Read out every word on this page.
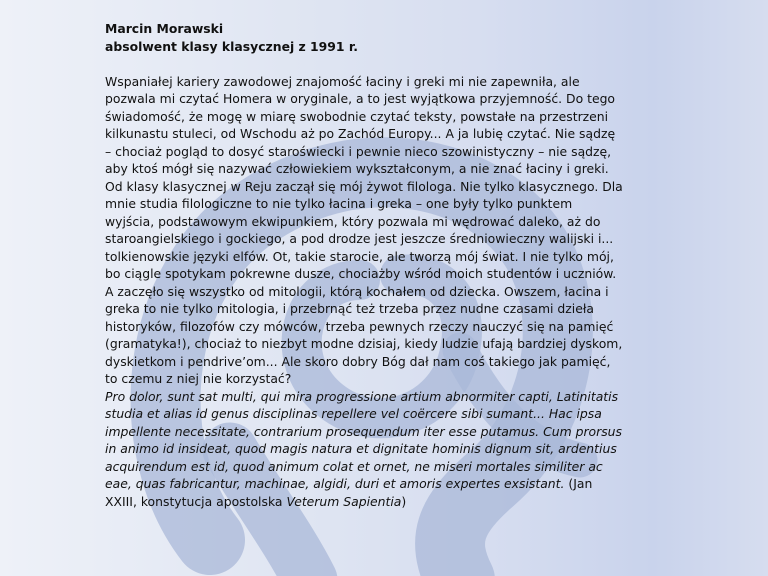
Marcin Morawski

absolwent klasy klasycznej z 1991 r.

Wspaniałej kariery zawodowej znajomość łaciny i greki mi nie zapewniła, ale pozwala mi czytać Homera w oryginale, a to jest wyjątkowa przyjemność. Do tego świadomość, że mogę w miarę swobodnie czytać teksty, powstałe na przestrzeni kilkunastu stuleci, od Wschodu aż po Zachód Europy... A ja lubię czytać. Nie sądzę – chociaż pogląd to dosyć staroświecki i pewnie nieco szowinistyczny – nie sądzę, aby ktoś mógł się nazywać człowiekiem wykształconym, a nie znać łaciny i greki.

Od klasy klasycznej w Reju zaczął się mój żywot filologa. Nie tylko klasycznego. Dla mnie studia filologiczne to nie tylko łacina i greka – one były tylko punktem wyjścia, podstawowym ekwipunkiem, który pozwala mi wędrować daleko, aż do staroangielskiego i gockiego, a pod drodze jest jeszcze średniowieczny walijski i... tolkienowskie języki elfów. Ot, takie starocie, ale tworzą mój świat. I nie tylko mój, bo ciągle spotykam pokrewne dusze, chociażby wśród moich studentów i uczniów. A zaczęło się wszystko od mitologii, którą kochałem od dziecka. Owszem, łacina i greka to nie tylko mitologia, i przebrnąć też trzeba przez nudne czasami dzieła historyków, filozofów czy mówców, trzeba pewnych rzeczy nauczyć się na pamięć (gramatyka!), chociaż to niezbyt modne dzisiaj, kiedy ludzie ufają bardziej dyskom, dyskietkom i pendrive’om... Ale skoro dobry Bóg dał nam coś takiego jak pamięć, to czemu z niej nie korzystać?

Pro dolor, sunt sat multi, qui mira progressione artium abnormiter capti, Latinitatis studia et alias id genus disciplinas repellere vel coërcere sibi sumant... Hac ipsa impellente necessitate, contrarium prosequendum iter esse putamus. Cum prorsus in animo id insideat, quod magis natura et dignitate hominis dignum sit, ardentius acquirendum est id, quod animum colat et ornet, ne miseri mortales similiter ac eae, quas fabricantur, machinae, algidi, duri et amoris expertes exsistant. (Jan XXIII, konstytucja apostolska Veterum Sapientia)
